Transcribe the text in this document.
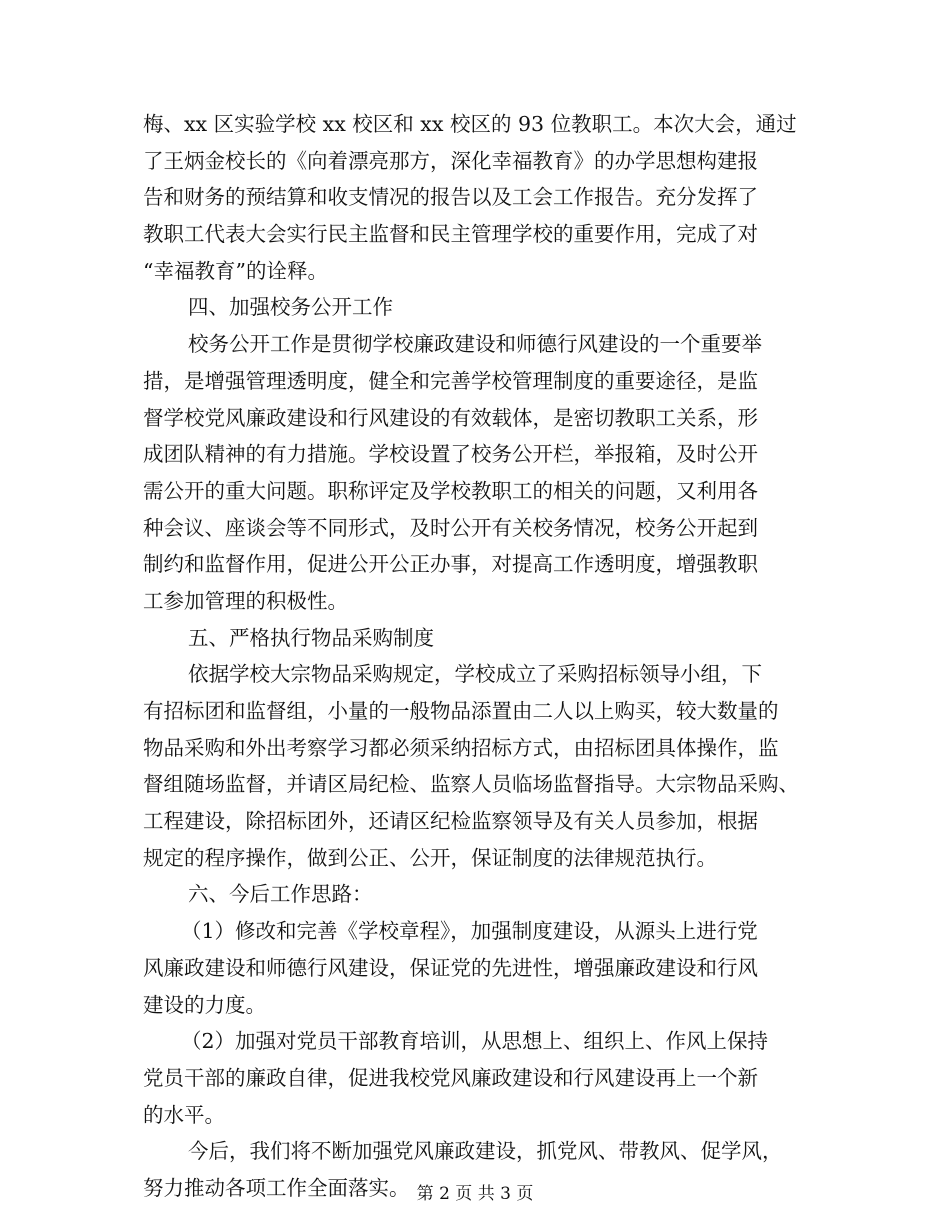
梅、xx 区实验学校 xx 校区和 xx 校区的 93 位教职工。本次大会，通过
了王炳金校长的《向着漂亮那方，深化幸福教育》的办学思想构建报
告和财务的预结算和收支情况的报告以及工会工作报告。充分发挥了
教职工代表大会实行民主监督和民主管理学校的重要作用，完成了对
“幸福教育”的诠释。
四、加强校务公开工作
校务公开工作是贯彻学校廉政建设和师德行风建设的一个重要举
措，是增强管理透明度，健全和完善学校管理制度的重要途径，是监
督学校党风廉政建设和行风建设的有效载体，是密切教职工关系，形
成团队精神的有力措施。学校设置了校务公开栏，举报箱，及时公开
需公开的重大问题。职称评定及学校教职工的相关的问题，又利用各
种会议、座谈会等不同形式，及时公开有关校务情况，校务公开起到
制约和监督作用，促进公开公正办事，对提高工作透明度，增强教职
工参加管理的积极性。
五、严格执行物品采购制度
依据学校大宗物品采购规定，学校成立了采购招标领导小组，下
有招标团和监督组，小量的一般物品添置由二人以上购买，较大数量的
物品采购和外出考察学习都必须采纳招标方式，由招标团具体操作，监
督组随场监督，并请区局纪检、监察人员临场监督指导。大宗物品采购、
工程建设，除招标团外，还请区纪检监察领导及有关人员参加，根据
规定的程序操作，做到公正、公开，保证制度的法律规范执行。
六、今后工作思路：
（1）修改和完善《学校章程》，加强制度建设，从源头上进行党
风廉政建设和师德行风建设，保证党的先进性，增强廉政建设和行风
建设的力度。
（2）加强对党员干部教育培训，从思想上、组织上、作风上保持
党员干部的廉政自律，促进我校党风廉政建设和行风建设再上一个新
的水平。
今后，我们将不断加强党风廉政建设，抓党风、带教风、促学风，
努力推动各项工作全面落实。 第 2 页 共 3 页
